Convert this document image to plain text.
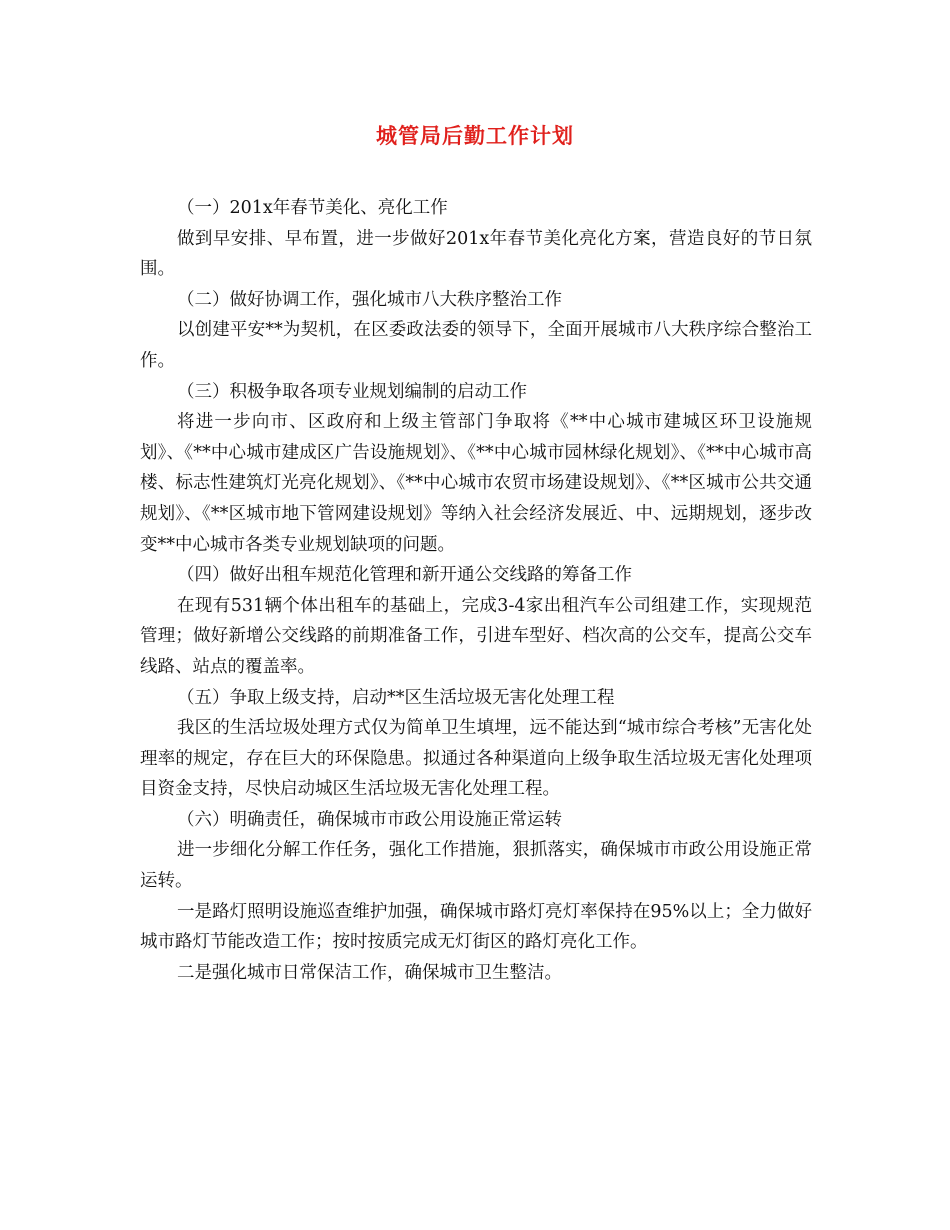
城管局后勤工作计划

（一）201x年春节美化、亮化工作

做到早安排、早布置，进一步做好201x年春节美化亮化方案，营造良好的节日氛围。

（二）做好协调工作，强化城市八大秩序整治工作

以创建平安**为契机，在区委政法委的领导下，全面开展城市八大秩序综合整治工作。

（三）积极争取各项专业规划编制的启动工作

将进一步向市、区政府和上级主管部门争取将《**中心城市建城区环卫设施规划》、《**中心城市建成区广告设施规划》、《**中心城市园林绿化规划》、《**中心城市高楼、标志性建筑灯光亮化规划》、《**中心城市农贸市场建设规划》、《**区城市公共交通规划》、《**区城市地下管网建设规划》等纳入社会经济发展近、中、远期规划，逐步改变**中心城市各类专业规划缺项的问题。

（四）做好出租车规范化管理和新开通公交线路的筹备工作

在现有531辆个体出租车的基础上，完成3-4家出租汽车公司组建工作，实现规范管理；做好新增公交线路的前期准备工作，引进车型好、档次高的公交车，提高公交车线路、站点的覆盖率。

（五）争取上级支持，启动**区生活垃圾无害化处理工程

我区的生活垃圾处理方式仅为简单卫生填埋，远不能达到“城市综合考核”无害化处理率的规定，存在巨大的环保隐患。拟通过各种渠道向上级争取生活垃圾无害化处理项目资金支持，尽快启动城区生活垃圾无害化处理工程。

（六）明确责任，确保城市市政公用设施正常运转

进一步细化分解工作任务，强化工作措施，狠抓落实，确保城市市政公用设施正常运转。

一是路灯照明设施巡查维护加强，确保城市路灯亮灯率保持在95%以上；全力做好城市路灯节能改造工作；按时按质完成无灯街区的路灯亮化工作。

二是强化城市日常保洁工作，确保城市卫生整洁。
